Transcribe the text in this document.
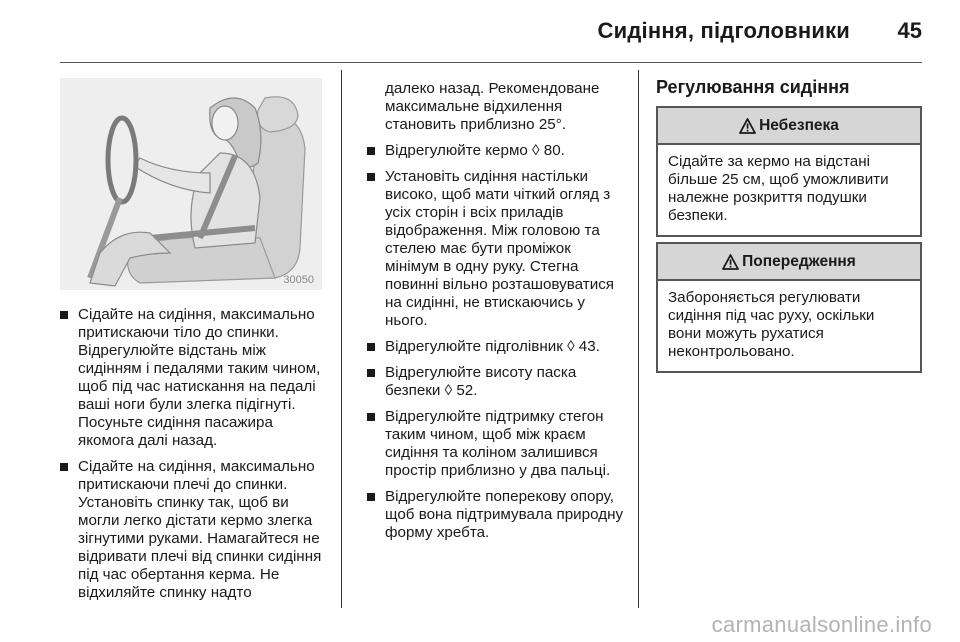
Сидіння, підголовники 45
30050
Сідайте на сидіння, максимально притискаючи тіло до спинки. Відрегулюйте відстань між сидінням і педалями таким чином, щоб під час натискання на педалі ваші ноги були злегка підігнуті. Посуньте сидіння пасажира якомога далі назад.
Сідайте на сидіння, максимально притискаючи плечі до спинки. Установіть спинку так, щоб ви могли легко дістати кермо злегка зігнутими руками. Намагайтеся не відривати плечі від спинки сидіння під час обертання керма. Не відхиляйте спинку надто
далеко назад. Рекомендоване максимальне відхилення становить приблизно 25°.
Відрегулюйте кермо ◊ 80.
Установіть сидіння настільки високо, щоб мати чіткий огляд з усіх сторін і всіх приладів відображення. Між головою та стелею має бути проміжок мінімум в одну руку. Стегна повинні вільно розташовуватися на сидінні, не втискаючись у нього.
Відрегулюйте підголівник ◊ 43.
Відрегулюйте висоту паска безпеки ◊ 52.
Відрегулюйте підтримку стегон таким чином, щоб між краєм сидіння та коліном залишився простір приблизно у два пальці.
Відрегулюйте поперекову опору, щоб вона підтримувала природну форму хребта.
Регулювання сидіння
Небезпека
Сідайте за кермо на відстані більше 25 см, щоб уможливити належне розкриття подушки безпеки.
Попередження
Забороняється регулювати сидіння під час руху, оскільки вони можуть рухатися неконтрольовано.
carmanualsonline.info
